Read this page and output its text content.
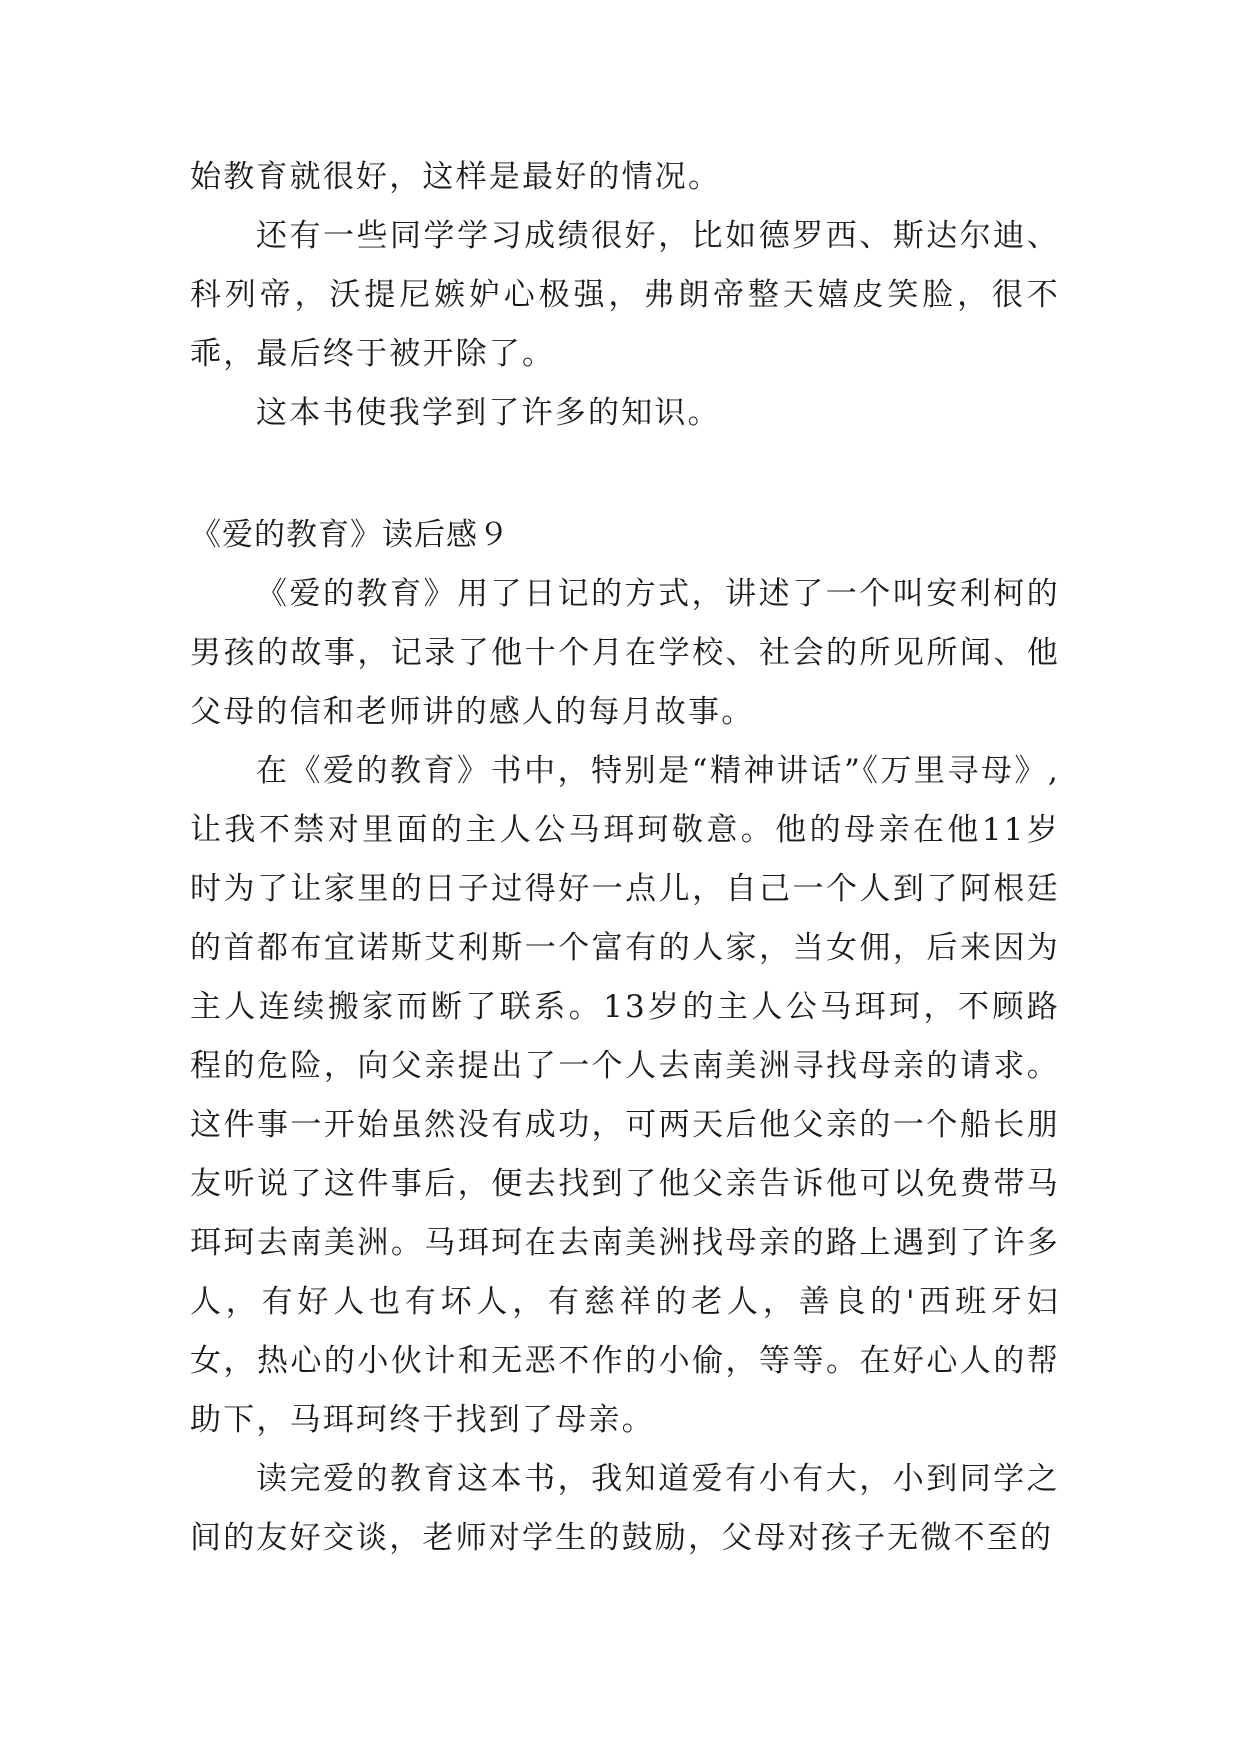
始教育就很好，这样是最好的情况。

还有一些同学学习成绩很好，比如德罗西、斯达尔迪、科列帝，沃提尼嫉妒心极强，弗朗帝整天嬉皮笑脸，很不乖，最后终于被开除了。

这本书使我学到了许多的知识。

《爱的教育》读后感９

《爱的教育》用了日记的方式，讲述了一个叫安利柯的男孩的故事，记录了他十个月在学校、社会的所见所闻、他父母的信和老师讲的感人的每月故事。

在《爱的教育》书中，特别是“精神讲话”《万里寻母》,让我不禁对里面的主人公马珥珂敬意。他的母亲在他11岁时为了让家里的日子过得好一点儿，自己一个人到了阿根廷的首都布宜诺斯艾利斯一个富有的人家，当女佣，后来因为主人连续搬家而断了联系。13岁的主人公马珥珂，不顾路程的危险，向父亲提出了一个人去南美洲寻找母亲的请求。这件事一开始虽然没有成功，可两天后他父亲的一个船长朋友听说了这件事后，便去找到了他父亲告诉他可以免费带马珥珂去南美洲。马珥珂在去南美洲找母亲的路上遇到了许多人，有好人也有坏人，有慈祥的老人，善良的'西班牙妇女，热心的小伙计和无恶不作的小偷，等等。在好心人的帮助下，马珥珂终于找到了母亲。

读完爱的教育这本书，我知道爱有小有大，小到同学之间的友好交谈，老师对学生的鼓励，父母对孩子无微不至的
